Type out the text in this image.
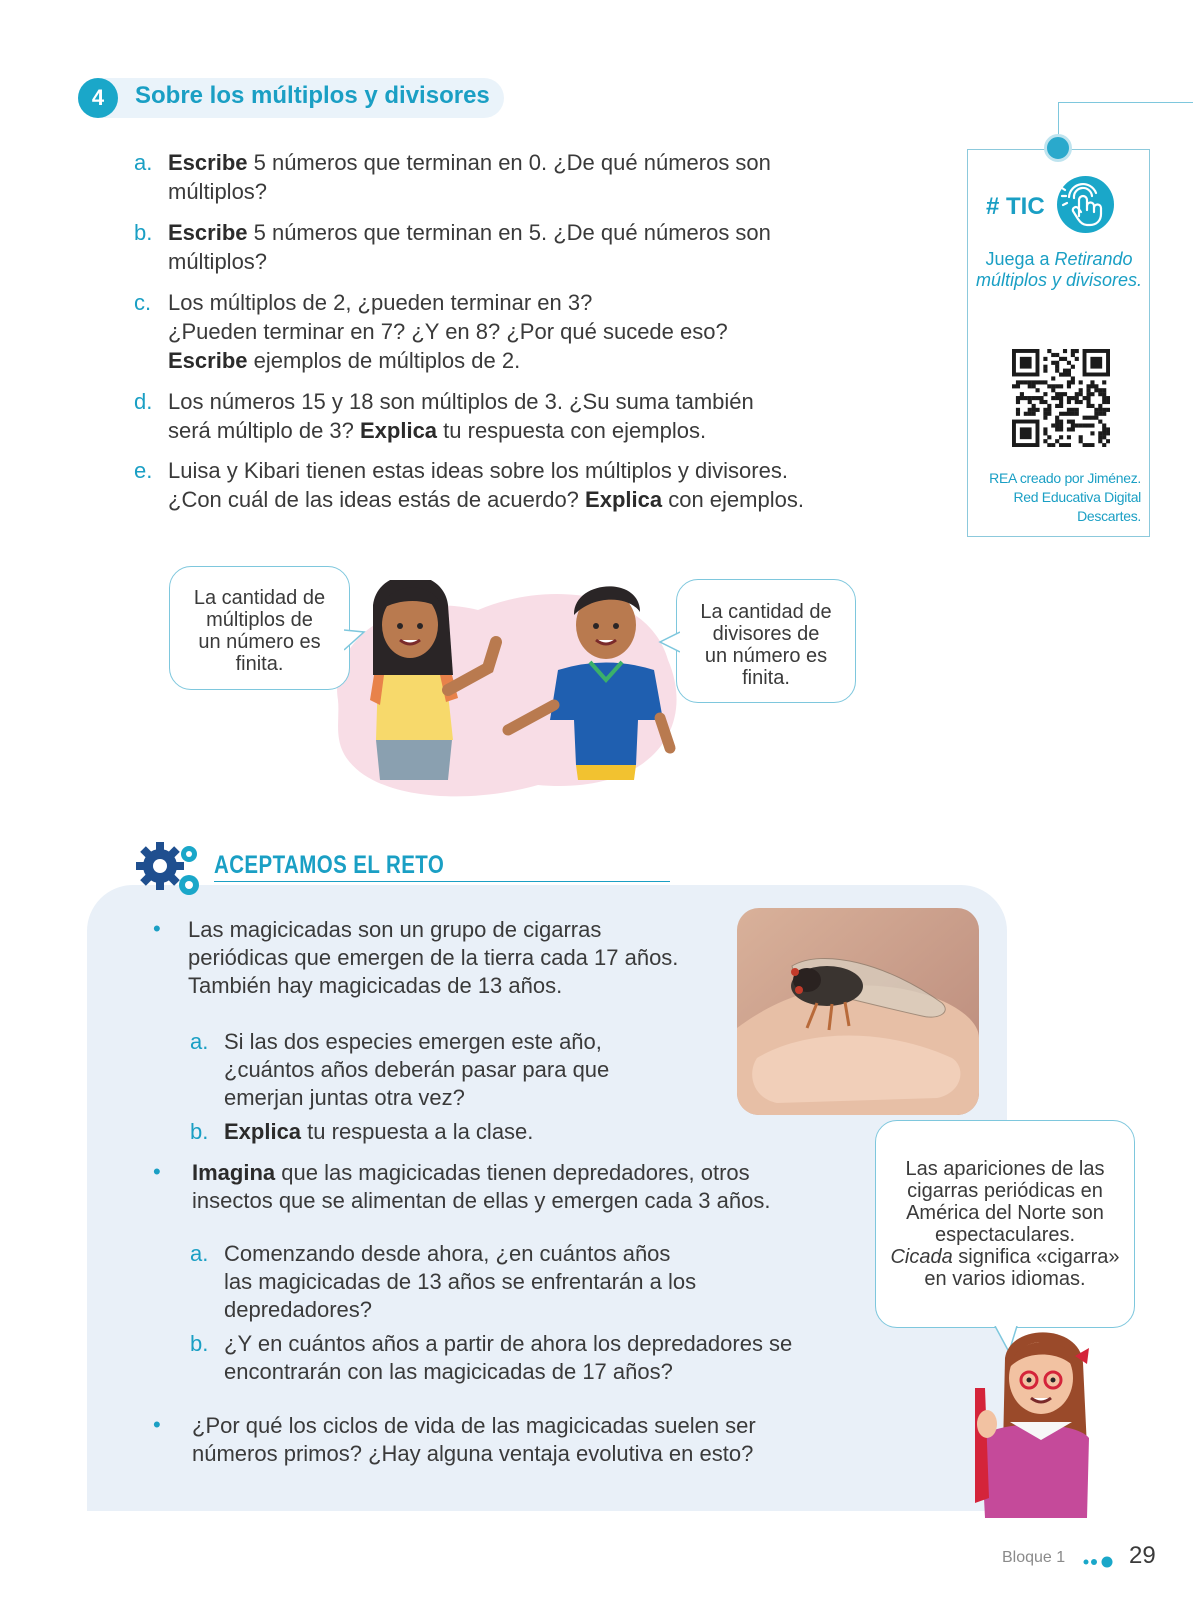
4	Sobre los múltiplos y divisores
a. Escribe 5 números que terminan en 0. ¿De qué números son
múltiplos?
b. Escribe 5 números que terminan en 5. ¿De qué números son
múltiplos?
c. Los múltiplos de 2, ¿pueden terminar en 3?
¿Pueden terminar en 7? ¿Y en 8? ¿Por qué sucede eso?
Escribe ejemplos de múltiplos de 2.
d. Los números 15 y 18 son múltiplos de 3. ¿Su suma también
será múltiplo de 3? Explica tu respuesta con ejemplos.
e. Luisa y Kibari tienen estas ideas sobre los múltiplos y divisores.
¿Con cuál de las ideas estás de acuerdo? Explica con ejemplos.
# TIC
Juega a Retirando múltiplos y divisores.
REA creado por Jiménez.
Red Educativa Digital
Descartes.
La cantidad de
múltiplos de
un número es
finita.
La cantidad de
divisores de
un número es
finita.
ACEPTAMOS EL RETO
• Las magicicadas son un grupo de cigarras
periódicas que emergen de la tierra cada 17 años.
También hay magicicadas de 13 años.
a. Si las dos especies emergen este año,
¿cuántos años deberán pasar para que
emerjan juntas otra vez?
b. Explica tu respuesta a la clase.
• Imagina que las magicicadas tienen depredadores, otros
insectos que se alimentan de ellas y emergen cada 3 años.
a. Comenzando desde ahora, ¿en cuántos años
las magicicadas de 13 años se enfrentarán a los
depredadores?
b. ¿Y en cuántos años a partir de ahora los depredadores se
encontrarán con las magicicadas de 17 años?
• ¿Por qué los ciclos de vida de las magicicadas suelen ser
números primos? ¿Hay alguna ventaja evolutiva en esto?
Las apariciones de las
cigarras periódicas en
América del Norte son
espectaculares.
Cicada significa «cigarra»
en varios idiomas.
Bloque 1	29
